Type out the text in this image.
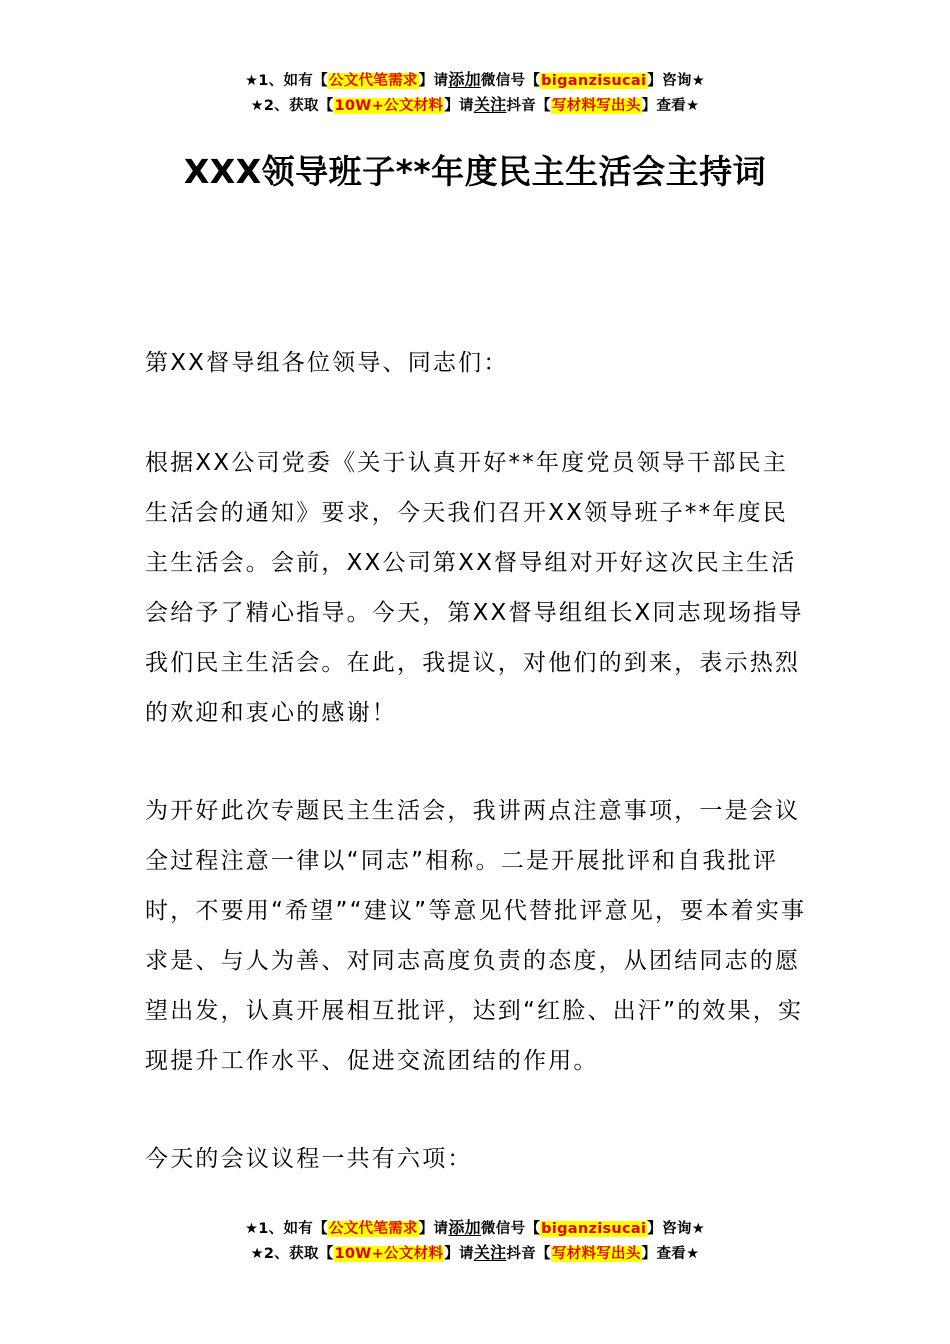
★1、如有【公文代笔需求】请添加微信号【biganzisucai】咨询★
★2、获取【10W+公文材料】请关注抖音【写材料写出头】查看★
XXX领导班子**年度民主生活会主持词

第XX督导组各位领导、同志们：

根据XX公司党委《关于认真开好**年度党员领导干部民主生活会的通知》要求，今天我们召开XX领导班子**年度民主生活会。会前，XX公司第XX督导组对开好这次民主生活会给予了精心指导。今天，第XX督导组组长X同志现场指导我们民主生活会。在此，我提议，对他们的到来，表示热烈的欢迎和衷心的感谢！

为开好此次专题民主生活会，我讲两点注意事项，一是会议全过程注意一律以“同志”相称。二是开展批评和自我批评时，不要用“希望”“建议”等意见代替批评意见，要本着实事求是、与人为善、对同志高度负责的态度，从团结同志的愿望出发，认真开展相互批评，达到“红脸、出汗”的效果，实现提升工作水平、促进交流团结的作用。

今天的会议议程一共有六项：

★1、如有【公文代笔需求】请添加微信号【biganzisucai】咨询★
★2、获取【10W+公文材料】请关注抖音【写材料写出头】查看★
